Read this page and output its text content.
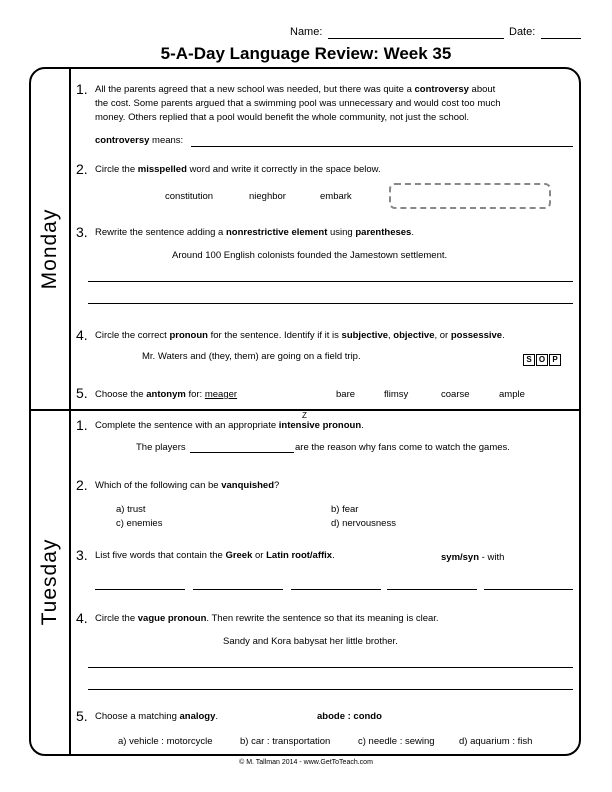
Name:	Date:
5-A-Day Language Review: Week 35
Monday
Tuesday
1. All the parents agreed that a new school was needed, but there was quite a controversy about
the cost. Some parents argued that a swimming pool was unnecessary and would cost too much
money. Others replied that a pool would benefit the whole community, not just the school.
controversy means:
2. Circle the misspelled word and write it correctly in the space below.
constitution	nieghbor	embark
3. Rewrite the sentence adding a nonrestrictive element using parentheses.
Around 100 English colonists founded the Jamestown settlement.
4. Circle the correct pronoun for the sentence. Identify if it is subjective, objective, or possessive.
Mr. Waters and (they, them) are going on a field trip.	S O P
5. Choose the antonym for: meager	bare	flimsy	coarse	ample
1.
Z
Complete the sentence with an appropriate intensive pronoun.
The players	are the reason why fans come to watch the games.
2. Which of the following can be vanquished?
a) trust	b) fear
c) enemies	d) nervousness
3. List five words that contain the Greek or Latin root/affix.	sym/syn - with
4. Circle the vague pronoun. Then rewrite the sentence so that its meaning is clear.
Sandy and Kora babysat her little brother.
5. Choose a matching analogy.	abode : condo
a) vehicle : motorcycle	b) car : transportation	c) needle : sewing	d) aquarium : fish
© M. Tallman 2014 - www.GetToTeach.com
